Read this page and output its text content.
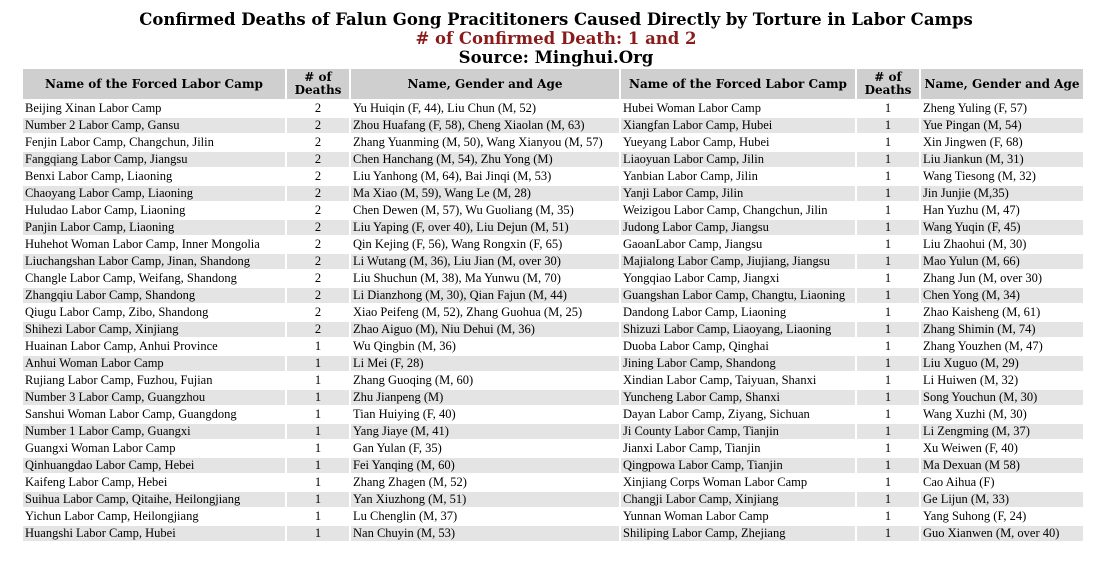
Confirmed Deaths of Falun Gong Pracititoners Caused Directly by Torture in Labor Camps
# of Confirmed Death: 1 and 2
Source: Minghui.Org
Name of the Forced Labor Camp	# of Deaths	Name, Gender and Age	Name of the Forced Labor Camp	# of Deaths	Name, Gender and Age
Beijing Xinan Labor Camp	2	Yu Huiqin (F, 44), Liu Chun (M, 52)	Hubei Woman Labor Camp	1	Zheng Yuling (F, 57)
Number 2 Labor Camp, Gansu	2	Zhou Huafang (F, 58), Cheng Xiaolan (M, 63)	Xiangfan Labor Camp, Hubei	1	Yue Pingan (M, 54)
Fenjin Labor Camp, Changchun, Jilin	2	Zhang Yuanming (M, 50), Wang Xianyou (M, 57)	Yueyang Labor Camp, Hubei	1	Xin Jingwen (F, 68)
Fangqiang Labor Camp, Jiangsu	2	Chen Hanchang (M, 54), Zhu Yong (M)	Liaoyuan Labor Camp, Jilin	1	Liu Jiankun (M, 31)
Benxi Labor Camp, Liaoning	2	Liu Yanhong (M, 64), Bai Jinqi (M, 53)	Yanbian Labor Camp, Jilin	1	Wang Tiesong (M, 32)
Chaoyang Labor Camp, Liaoning	2	Ma Xiao (M, 59), Wang Le (M, 28)	Yanji Labor Camp, Jilin	1	Jin Junjie (M,35)
Huludao Labor Camp, Liaoning	2	Chen Dewen (M, 57), Wu Guoliang (M, 35)	Weizigou Labor Camp, Changchun, Jilin	1	Han Yuzhu (M, 47)
Panjin Labor Camp, Liaoning	2	Liu Yaping (F, over 40), Liu Dejun (M, 51)	Judong Labor Camp, Jiangsu	1	Wang Yuqin (F, 45)
Huhehot Woman Labor Camp, Inner Mongolia	2	Qin Kejing (F, 56), Wang Rongxin (F, 65)	GaoanLabor Camp, Jiangsu	1	Liu Zhaohui (M, 30)
Liuchangshan Labor Camp, Jinan, Shandong	2	Li Wutang (M, 36), Liu Jian (M, over 30)	Majialong Labor Camp, Jiujiang, Jiangsu	1	Mao Yulun (M, 66)
Changle Labor Camp, Weifang, Shandong	2	Liu Shuchun (M, 38), Ma Yunwu (M, 70)	Yongqiao Labor Camp, Jiangxi	1	Zhang Jun (M, over 30)
Zhangqiu Labor Camp, Shandong	2	Li Dianzhong (M, 30), Qian Fajun (M, 44)	Guangshan Labor Camp, Changtu, Liaoning	1	Chen Yong (M, 34)
Qiugu Labor Camp, Zibo, Shandong	2	Xiao Peifeng (M, 52), Zhang Guohua (M, 25)	Dandong Labor Camp, Liaoning	1	Zhao Kaisheng (M, 61)
Shihezi Labor Camp, Xinjiang	2	Zhao Aiguo (M), Niu Dehui (M, 36)	Shizuzi Labor Camp, Liaoyang, Liaoning	1	Zhang Shimin (M, 74)
Huainan Labor Camp, Anhui Province	1	Wu Qingbin (M, 36)	Duoba Labor Camp, Qinghai	1	Zhang Youzhen (M, 47)
Anhui Woman Labor Camp	1	Li Mei (F, 28)	Jining Labor Camp, Shandong	1	Liu Xuguo (M, 29)
Rujiang Labor Camp, Fuzhou, Fujian	1	Zhang Guoqing (M, 60)	Xindian Labor Camp, Taiyuan, Shanxi	1	Li Huiwen (M, 32)
Number 3 Labor Camp, Guangzhou	1	Zhu Jianpeng (M)	Yuncheng Labor Camp, Shanxi	1	Song Youchun (M, 30)
Sanshui Woman Labor Camp, Guangdong	1	Tian Huiying (F, 40)	Dayan Labor Camp, Ziyang, Sichuan	1	Wang Xuzhi (M, 30)
Number 1 Labor Camp, Guangxi	1	Yang Jiaye (M, 41)	Ji County Labor Camp, Tianjin	1	Li Zengming (M, 37)
Guangxi Woman Labor Camp	1	Gan Yulan (F, 35)	Jianxi Labor Camp, Tianjin	1	Xu Weiwen (F, 40)
Qinhuangdao Labor Camp, Hebei	1	Fei Yanqing (M, 60)	Qingpowa Labor Camp, Tianjin	1	Ma Dexuan (M 58)
Kaifeng Labor Camp, Hebei	1	Zhang Zhagen (M, 52)	Xinjiang Corps Woman Labor Camp	1	Cao Aihua (F)
Suihua Labor Camp, Qitaihe, Heilongjiang	1	Yan Xiuzhong (M, 51)	Changji Labor Camp, Xinjiang	1	Ge Lijun (M, 33)
Yichun Labor Camp, Heilongjiang	1	Lu Chenglin (M, 37)	Yunnan Woman Labor Camp	1	Yang Suhong (F, 24)
Huangshi Labor Camp, Hubei	1	Nan Chuyin (M, 53)	Shiliping Labor Camp, Zhejiang	1	Guo Xianwen (M, over 40)
